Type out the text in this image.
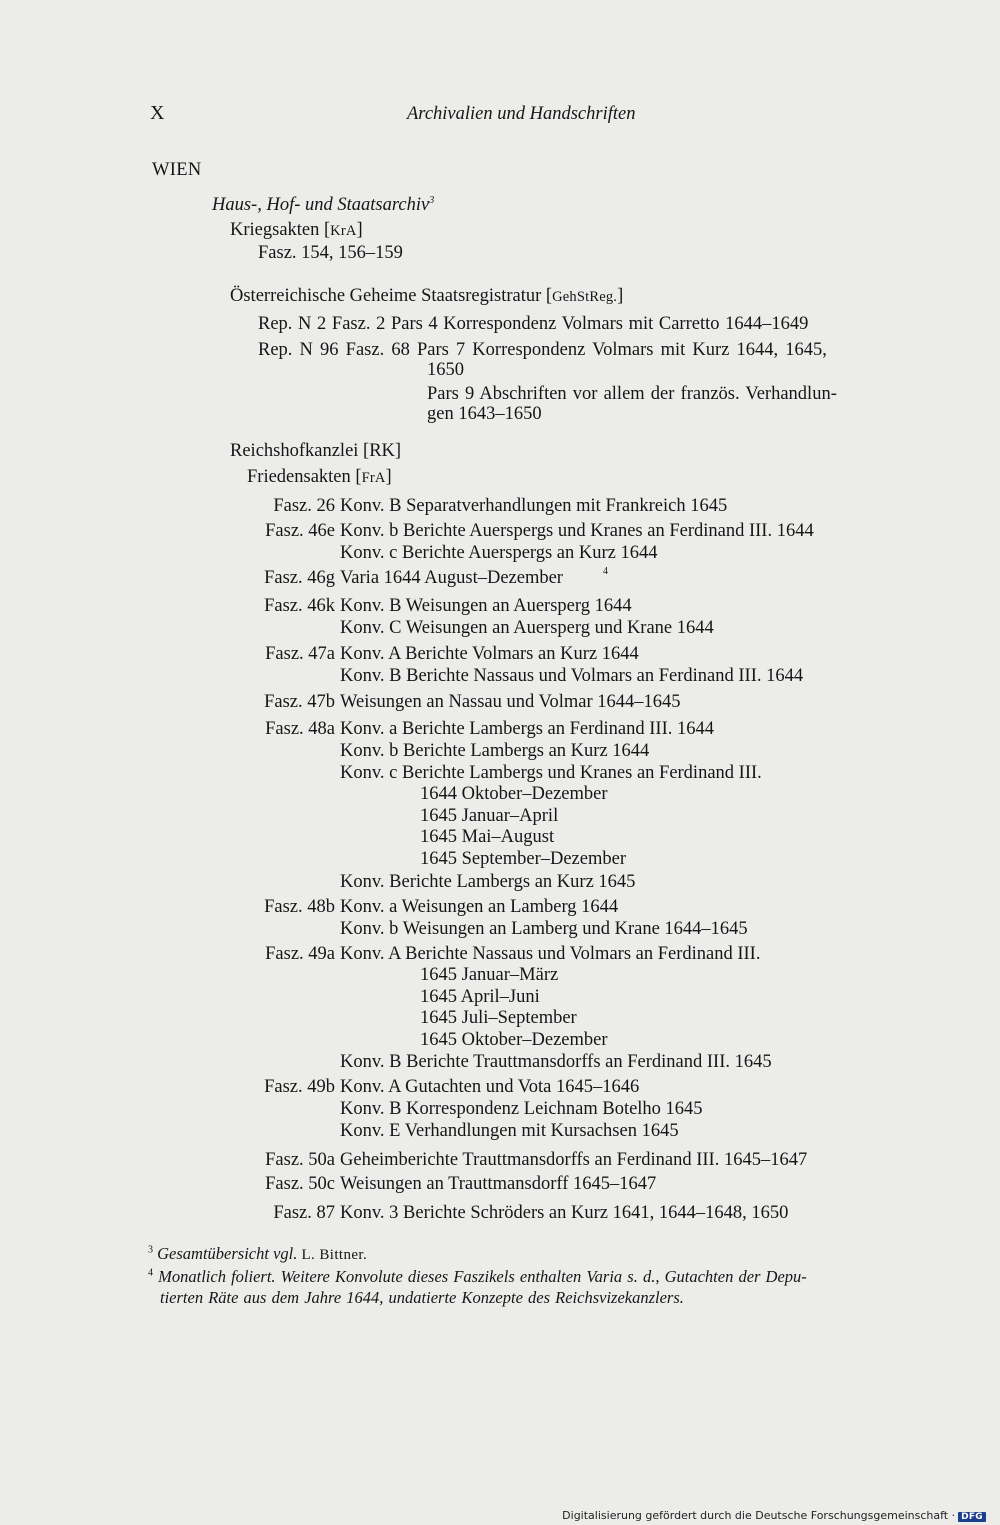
X	Archivalien und Handschriften
WIEN
Haus-, Hof- und Staatsarchiv$^3$
Kriegsakten [KrA]
Fasz. 154, 156–159
Österreichische Geheime Staatsregistratur [GehStReg.]
Rep. N 2 Fasz. 2 Pars 4 Korrespondenz Volmars mit Carretto 1644–1649
Rep. N 96 Fasz. 68 Pars 7 Korrespondenz Volmars mit Kurz 1644, 1645,
1650
Pars 9 Abschriften vor allem der französ. Verhandlun-
gen 1643–1650
Reichshofkanzlei [RK]
Friedensakten [FrA]
Fasz. 26 Konv. B Separatverhandlungen mit Frankreich 1645
Fasz. 46e Konv. b Berichte Auerspergs und Kranes an Ferdinand III. 1644
Konv. c Berichte Auerspergs an Kurz 1644
Fasz. 46g Varia 1644 August–Dezember	4
Fasz. 46k Konv. B Weisungen an Auersperg 1644
Konv. C Weisungen an Auersperg und Krane 1644
Fasz. 47a Konv. A Berichte Volmars an Kurz 1644
Konv. B Berichte Nassaus und Volmars an Ferdinand III. 1644
Fasz. 47b Weisungen an Nassau und Volmar 1644–1645
Fasz. 48a Konv. a Berichte Lambergs an Ferdinand III. 1644
Konv. b Berichte Lambergs an Kurz 1644
Konv. c Berichte Lambergs und Kranes an Ferdinand III.
1644 Oktober–Dezember
1645 Januar–April
1645 Mai–August
1645 September–Dezember
Konv. Berichte Lambergs an Kurz 1645
Fasz. 48b Konv. a Weisungen an Lamberg 1644
Konv. b Weisungen an Lamberg und Krane 1644–1645
Fasz. 49a Konv. A Berichte Nassaus und Volmars an Ferdinand III.
1645 Januar–März
1645 April–Juni
1645 Juli–September
1645 Oktober–Dezember
Konv. B Berichte Trauttmansdorffs an Ferdinand III. 1645
Fasz. 49b Konv. A Gutachten und Vota 1645–1646
Konv. B Korrespondenz Leichnam Botelho 1645
Konv. E Verhandlungen mit Kursachsen 1645
Fasz. 50a Geheimberichte Trauttmansdorffs an Ferdinand III. 1645–1647
Fasz. 50c Weisungen an Trauttmansdorff 1645–1647
Fasz. 87 Konv. 3 Berichte Schröders an Kurz 1641, 1644–1648, 1650
$^3$ Gesamtübersicht vgl. L. Bittner.
$^4$ Monatlich foliert. Weitere Konvolute dieses Faszikels enthalten Varia s. d., Gutachten der Depu-
tierten Räte aus dem Jahre 1644, undatierte Konzepte des Reichsvizekanzlers.
Digitalisierung gefördert durch die Deutsche Forschungsgemeinschaft · DFG
